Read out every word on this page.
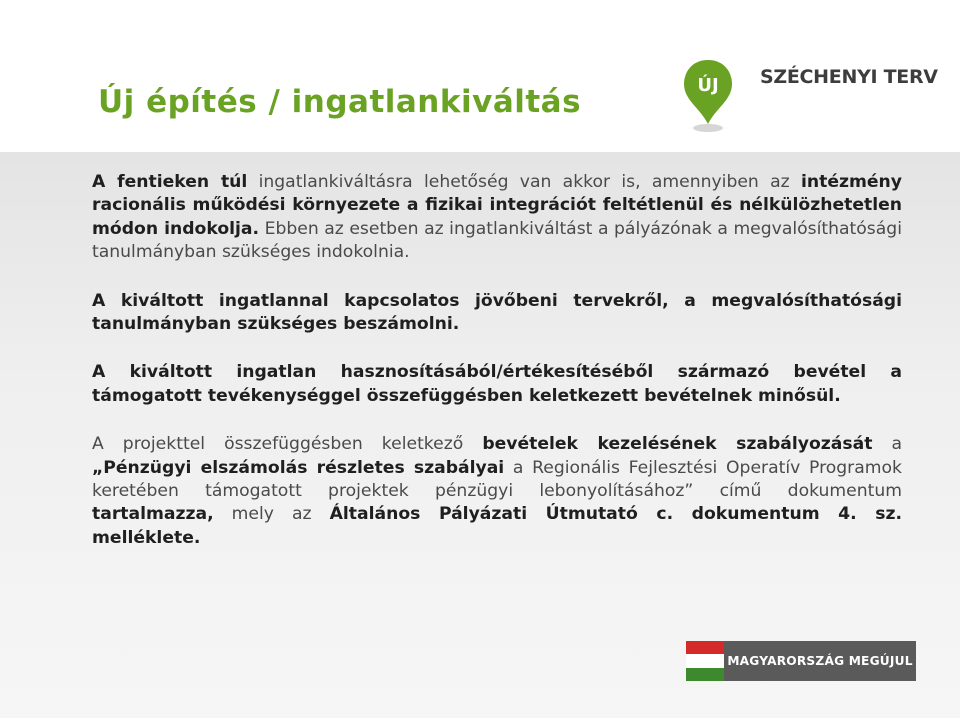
Új építés / ingatlankiváltás	ÚJ SZÉCHENYI TERV

A fentieken túl ingatlankiváltásra lehetőség van akkor is, amennyiben az intézmény racionális működési környezete a fizikai integrációt feltétlenül és nélkülözhetetlen módon indokolja. Ebben az esetben az ingatlankiváltást a pályázónak a megvalósíthatósági tanulmányban szükséges indokolnia.

A kiváltott ingatlannal kapcsolatos jövőbeni tervekről, a megvalósíthatósági tanulmányban szükséges beszámolni.

A kiváltott ingatlan hasznosításából/értékesítéséből származó bevétel a támogatott tevékenységgel összefüggésben keletkezett bevételnek minősül.

A projekttel összefüggésben keletkező bevételek kezelésének szabályozását a „Pénzügyi elszámolás részletes szabályai a Regionális Fejlesztési Operatív Programok keretében támogatott projektek pénzügyi lebonyolításához” című dokumentum tartalmazza, mely az Általános Pályázati Útmutató c. dokumentum 4. sz. melléklete.

MAGYARORSZÁG MEGÚJUL
